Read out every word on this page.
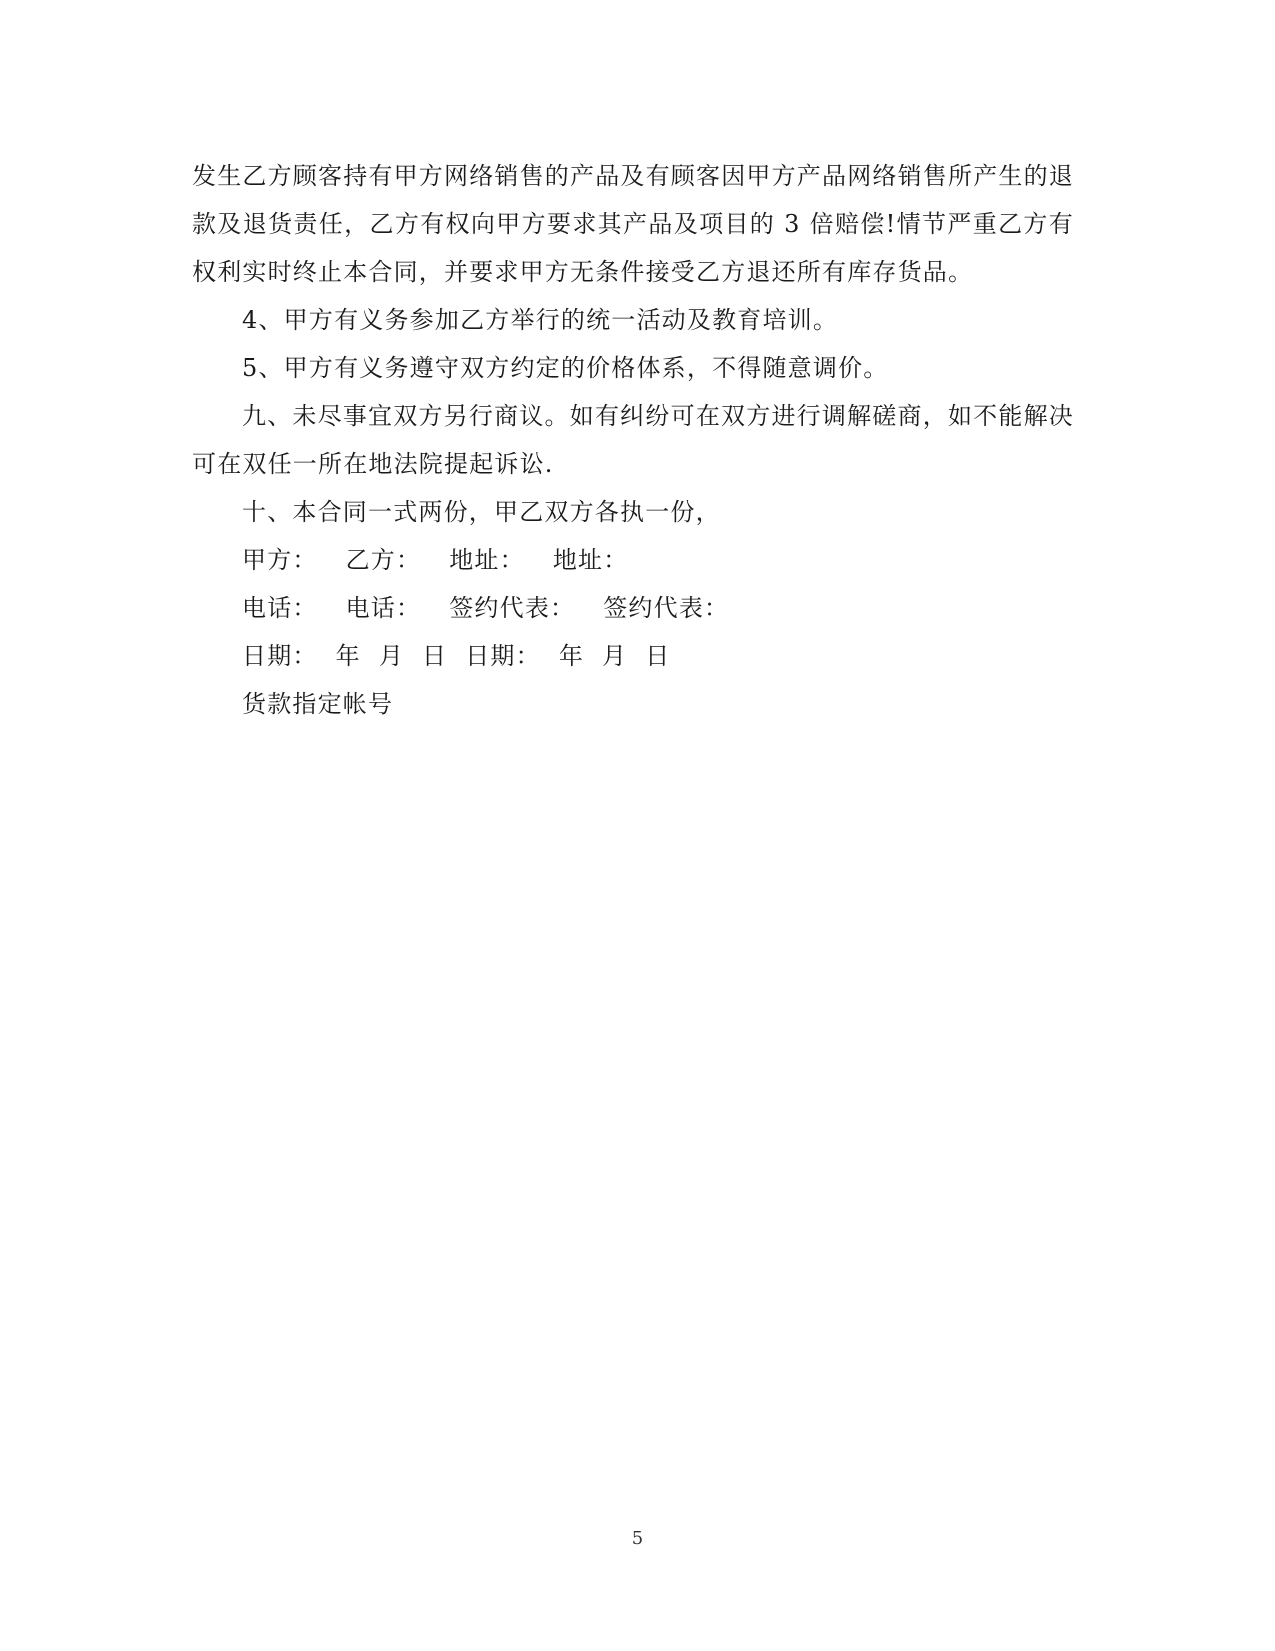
发生乙方顾客持有甲方网络销售的产品及有顾客因甲方产品网络销售所产生的退款及退货责任，乙方有权向甲方要求其产品及项目的 3 倍赔偿!情节严重乙方有权利实时终止本合同，并要求甲方无条件接受乙方退还所有库存货品。

4、甲方有义务参加乙方举行的统一活动及教育培训。

5、甲方有义务遵守双方约定的价格体系，不得随意调价。

九、未尽事宜双方另行商议。如有纠纷可在双方进行调解磋商，如不能解决可在双任一所在地法院提起诉讼.

十、本合同一式两份，甲乙双方各执一份，

甲方： 乙方： 地址： 地址：
电话： 电话： 签约代表： 签约代表：
日期： 年 月 日 日期： 年 月 日
货款指定帐号
5
